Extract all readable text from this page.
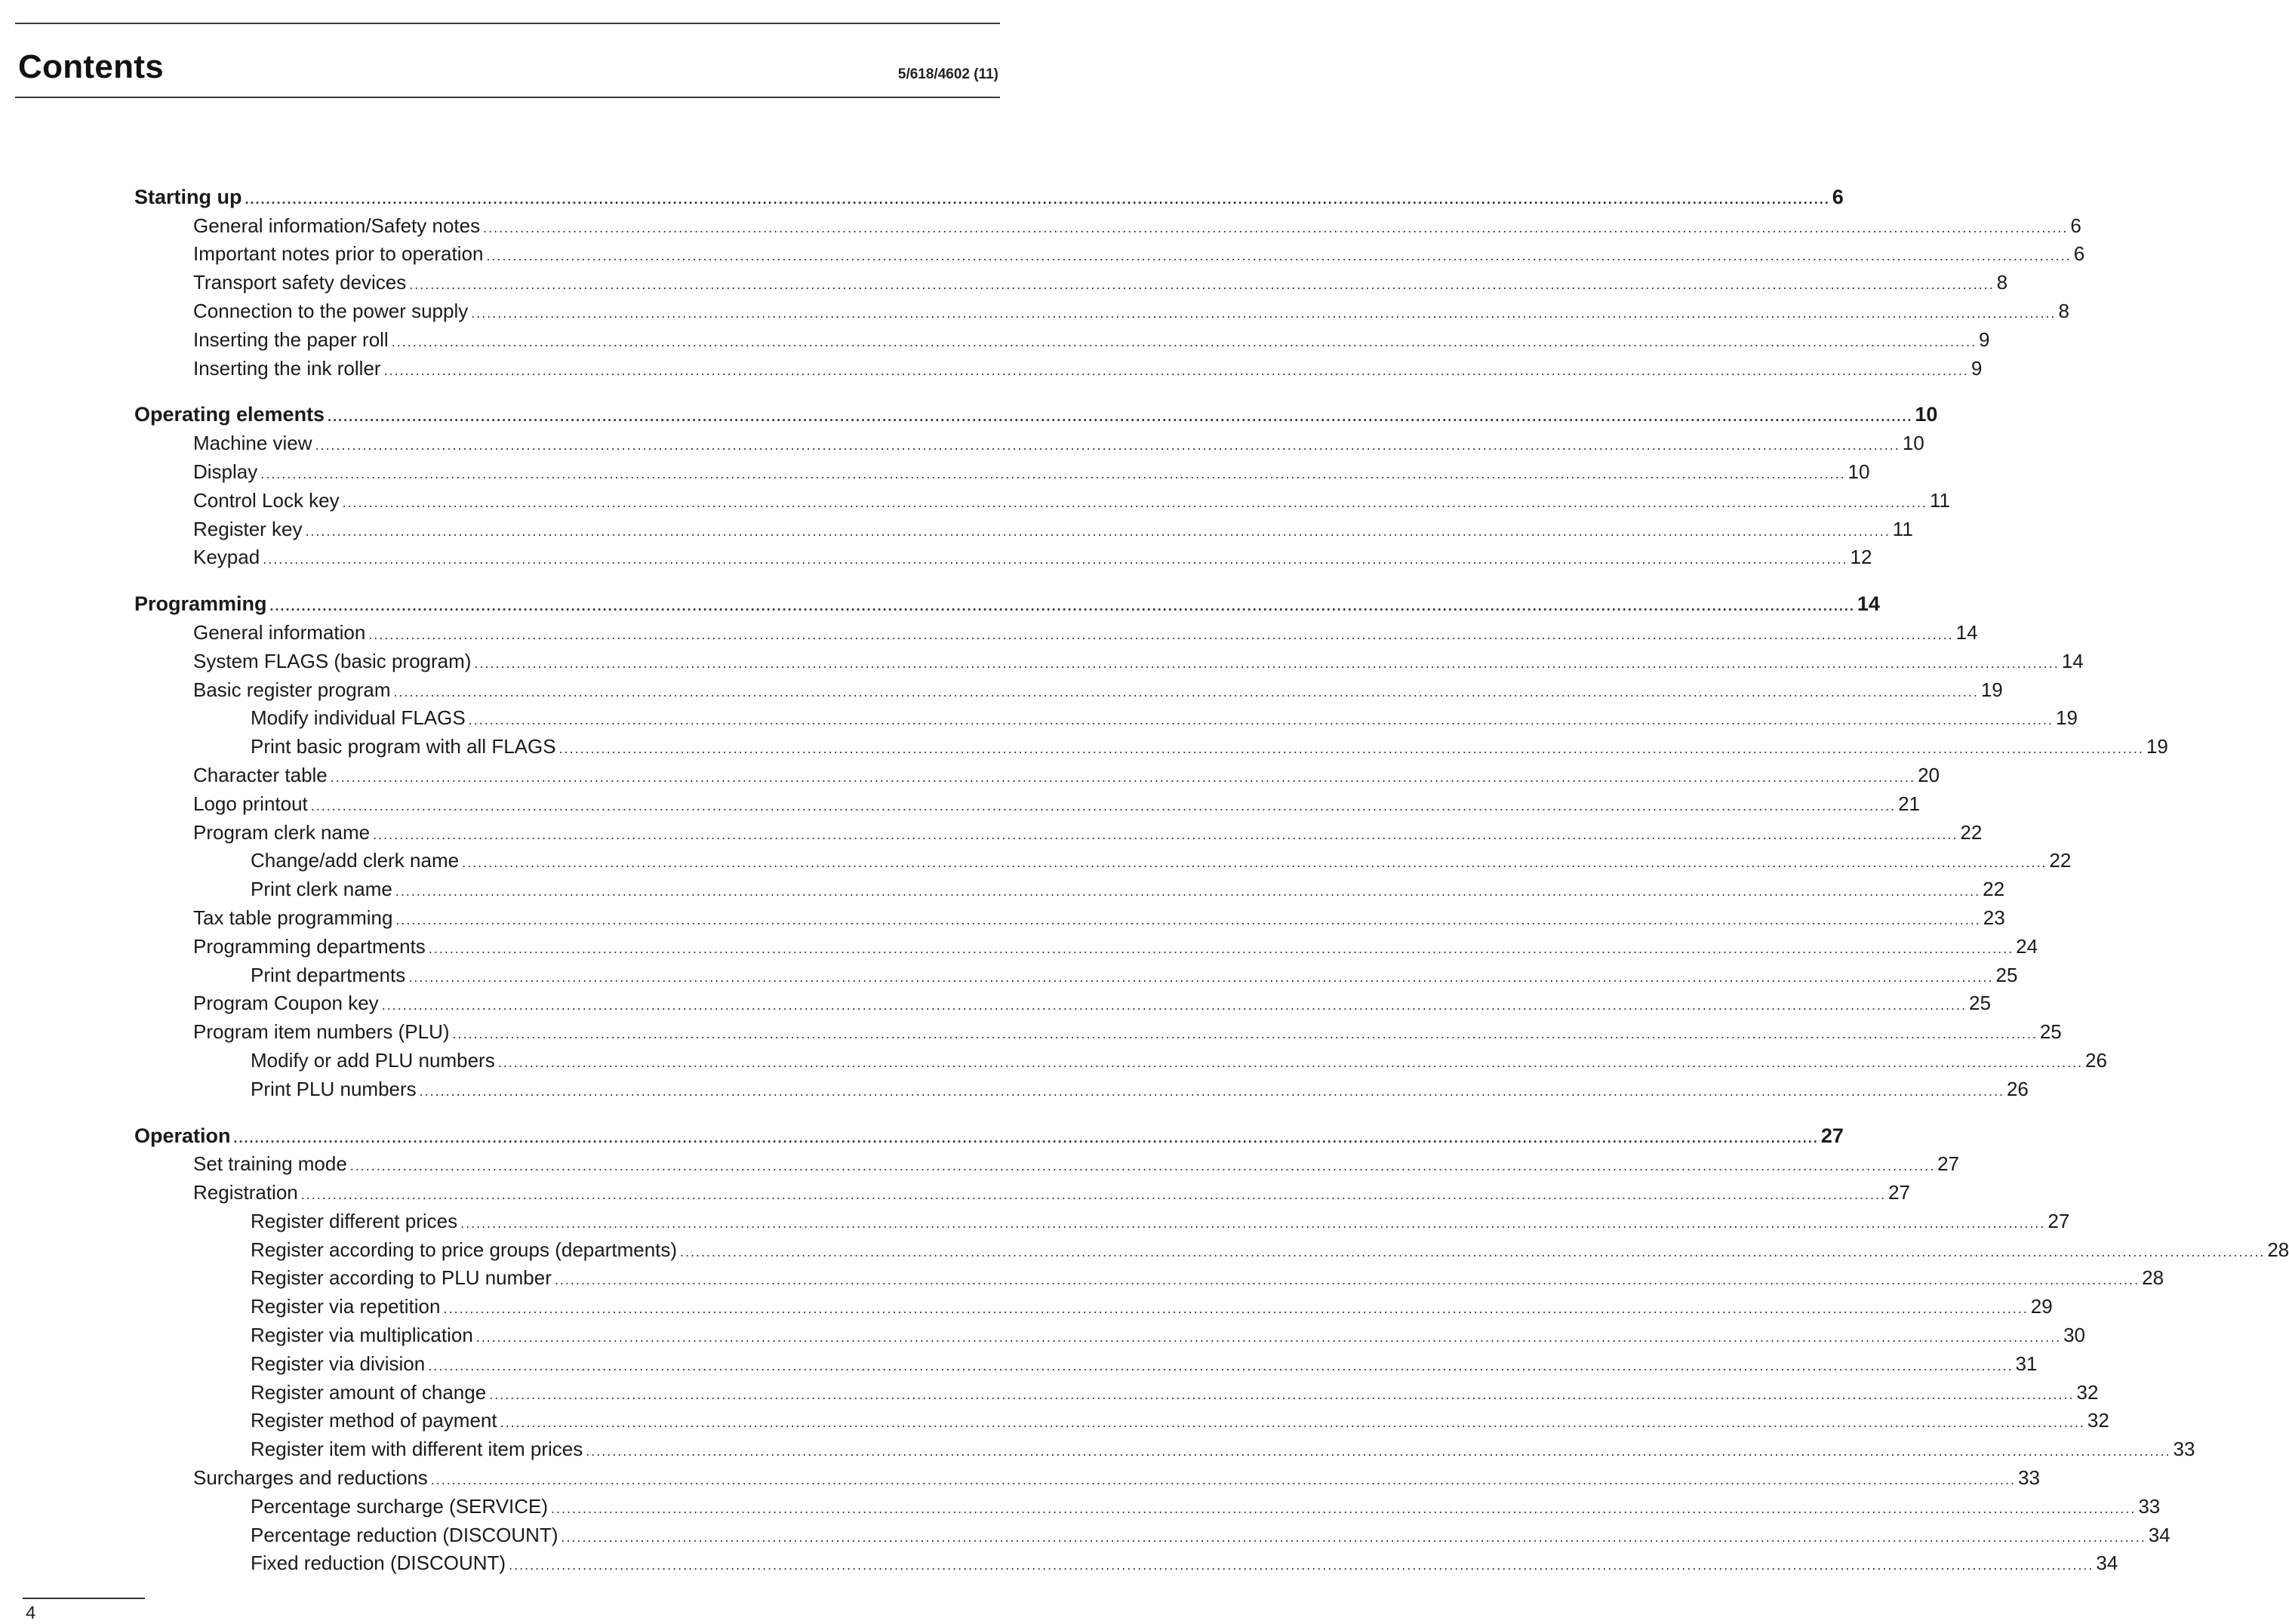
Contents	5/618/4602 (11)
Starting up ............................................................................................................................................................................................................................................................................................................ 6
General information/Safety notes ............................................................................................................................................................................................................................................................................................................ 6
Important notes prior to operation ............................................................................................................................................................................................................................................................................................................ 6
Transport safety devices ............................................................................................................................................................................................................................................................................................................ 8
Connection to the power supply ............................................................................................................................................................................................................................................................................................................ 8
Inserting the paper roll ............................................................................................................................................................................................................................................................................................................ 9
Inserting the ink roller ............................................................................................................................................................................................................................................................................................................ 9
Operating elements ............................................................................................................................................................................................................................................................................................................ 10
Machine view ............................................................................................................................................................................................................................................................................................................ 10
Display ............................................................................................................................................................................................................................................................................................................ 10
Control Lock key ............................................................................................................................................................................................................................................................................................................ 11
Register key ............................................................................................................................................................................................................................................................................................................ 11
Keypad ............................................................................................................................................................................................................................................................................................................ 12
Programming ............................................................................................................................................................................................................................................................................................................ 14
General information ............................................................................................................................................................................................................................................................................................................ 14
System FLAGS (basic program) ............................................................................................................................................................................................................................................................................................................ 14
Basic register program ............................................................................................................................................................................................................................................................................................................ 19
Modify individual FLAGS ............................................................................................................................................................................................................................................................................................................ 19
Print basic program with all FLAGS ............................................................................................................................................................................................................................................................................................................ 19
Character table ............................................................................................................................................................................................................................................................................................................ 20
Logo printout ............................................................................................................................................................................................................................................................................................................ 21
Program clerk name ............................................................................................................................................................................................................................................................................................................ 22
Change/add clerk name ............................................................................................................................................................................................................................................................................................................ 22
Print clerk name ............................................................................................................................................................................................................................................................................................................ 22
Tax table programming ............................................................................................................................................................................................................................................................................................................ 23
Programming departments ............................................................................................................................................................................................................................................................................................................ 24
Print departments ............................................................................................................................................................................................................................................................................................................ 25
Program Coupon key ............................................................................................................................................................................................................................................................................................................ 25
Program item numbers (PLU) ............................................................................................................................................................................................................................................................................................................ 25
Modify or add PLU numbers ............................................................................................................................................................................................................................................................................................................ 26
Print PLU numbers ............................................................................................................................................................................................................................................................................................................ 26
Operation ............................................................................................................................................................................................................................................................................................................ 27
Set training mode ............................................................................................................................................................................................................................................................................................................ 27
Registration ............................................................................................................................................................................................................................................................................................................ 27
Register different prices ............................................................................................................................................................................................................................................................................................................ 27
Register according to price groups (departments) ............................................................................................................................................................................................................................................................................................................ 28
Register according to PLU number ............................................................................................................................................................................................................................................................................................................ 28
Register via repetition ............................................................................................................................................................................................................................................................................................................ 29
Register via multiplication ............................................................................................................................................................................................................................................................................................................ 30
Register via division ............................................................................................................................................................................................................................................................................................................ 31
Register amount of change ............................................................................................................................................................................................................................................................................................................ 32
Register method of payment ............................................................................................................................................................................................................................................................................................................ 32
Register item with different item prices ............................................................................................................................................................................................................................................................................................................ 33
Surcharges and reductions ............................................................................................................................................................................................................................................................................................................ 33
Percentage surcharge (SERVICE) ............................................................................................................................................................................................................................................................................................................ 33
Percentage reduction (DISCOUNT) ............................................................................................................................................................................................................................................................................................................ 34
Fixed reduction (DISCOUNT) ............................................................................................................................................................................................................................................................................................................ 34
4
